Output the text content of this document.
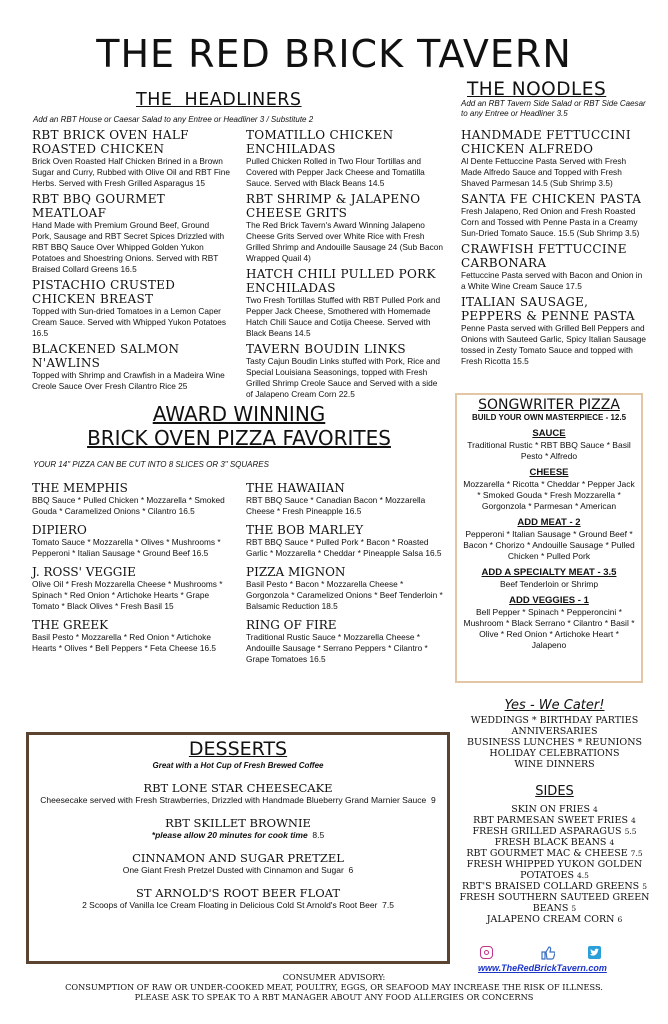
THE RED BRICK TAVERN
THE  HEADLINERS
Add an RBT House or Caesar Salad to any Entree or Headliner 3 / Substitute 2
RBT BRICK OVEN HALF ROASTED CHICKEN
Brick Oven Roasted Half Chicken Brined in a Brown Sugar and Curry, Rubbed with Olive Oil and RBT Fine Herbs. Served with Fresh Grilled Asparagus 15
RBT BBQ GOURMET MEATLOAF
Hand Made with Premium Ground Beef, Ground Pork, Sausage and RBT Secret Spices Drizzled with RBT BBQ Sauce Over Whipped Golden Yukon Potatoes and Shoestring Onions. Served with RBT Braised Collard Greens 16.5
PISTACHIO CRUSTED CHICKEN BREAST
Topped with Sun-dried Tomatoes in a Lemon Caper Cream Sauce. Served with Whipped Yukon Potatoes 16.5
BLACKENED SALMON N'AWLINS
Topped with Shrimp and Crawfish in a Madeira Wine Creole Sauce Over Fresh Cilantro Rice 25
TOMATILLO CHICKEN ENCHILADAS
Pulled Chicken Rolled in Two Flour Tortillas and Covered with Pepper Jack Cheese and Tomatilla Sauce. Served with Black Beans 14.5
RBT SHRIMP & JALAPENO CHEESE GRITS
The Red Brick Tavern's Award Winning Jalapeno Cheese Grits Served over White Rice with Fresh Grilled Shrimp and Andouille Sausage 24 (Sub Bacon Wrapped Quail 4)
HATCH CHILI PULLED PORK ENCHILADAS
Two Fresh Tortillas Stuffed with RBT Pulled Pork and Pepper Jack Cheese, Smothered with Homemade Hatch Chili Sauce and Cotija Cheese. Served with Black Beans 14.5
TAVERN BOUDIN LINKS
Tasty Cajun Boudin Links stuffed with Pork, Rice and Special Louisiana Seasonings, topped with Fresh Grilled Shrimp Creole Sauce and Served with a side of Jalapeno Cream Corn 22.5
THE NOODLES
Add an RBT Tavern Side Salad or RBT Side Caesar to any Entree or Headliner 3.5
HANDMADE FETTUCCINI CHICKEN ALFREDO
Al Dente Fettuccine Pasta Served with Fresh Made Alfredo Sauce and Topped with Fresh Shaved Parmesan 14.5 (Sub Shrimp 3.5)
SANTA FE CHICKEN PASTA
Fresh Jalapeno, Red Onion and Fresh Roasted Corn and Tossed with Penne Pasta in a Creamy Sun-Dried Tomato Sauce. 15.5 (Sub Shrimp 3.5)
CRAWFISH FETTUCCINE CARBONARA
Fettuccine Pasta served with Bacon and Onion in a White Wine Cream Sauce 17.5
ITALIAN SAUSAGE, PEPPERS & PENNE PASTA
Penne Pasta served with Grilled Bell Peppers and Onions with Sauteed Garlic, Spicy Italian Sausage tossed in Zesty Tomato Sauce and topped with Fresh Ricotta 15.5
AWARD WINNING
BRICK OVEN PIZZA FAVORITES
YOUR 14" PIZZA CAN BE CUT INTO 8 SLICES OR 3" SQUARES
THE MEMPHIS
BBQ Sauce * Pulled Chicken * Mozzarella * Smoked Gouda * Caramelized Onions * Cilantro 16.5
DIPIERO
Tomato Sauce * Mozzarella * Olives * Mushrooms * Pepperoni * Italian Sausage * Ground Beef 16.5
J. ROSS' VEGGIE
Olive Oil * Fresh Mozzarella Cheese * Mushrooms * Spinach * Red Onion * Artichoke Hearts * Grape Tomato * Black Olives * Fresh Basil 15
THE GREEK
Basil Pesto * Mozzarella * Red Onion * Artichoke Hearts * Olives * Bell Peppers * Feta Cheese 16.5
THE HAWAIIAN
RBT BBQ Sauce * Canadian Bacon * Mozzarella Cheese * Fresh Pineapple 16.5
THE BOB MARLEY
RBT BBQ Sauce * Pulled Pork * Bacon * Roasted Garlic * Mozzarella * Cheddar * Pineapple Salsa 16.5
PIZZA MIGNON
Basil Pesto * Bacon * Mozzarella Cheese * Gorgonzola * Caramelized Onions * Beef Tenderloin * Balsamic Reduction 18.5
RING OF FIRE
Traditional Rustic Sauce * Mozzarella Cheese * Andouille Sausage * Serrano Peppers * Cilantro * Grape Tomatoes 16.5
SONGWRITER PIZZA
BUILD YOUR OWN MASTERPIECE - 12.5
SAUCE
Traditional Rustic * RBT BBQ Sauce * Basil Pesto * Alfredo
CHEESE
Mozzarella * Ricotta * Cheddar * Pepper Jack * Smoked Gouda * Fresh Mozzarella * Gorgonzola * Parmesan * American
ADD MEAT - 2
Pepperoni * Italian Sausage * Ground Beef * Bacon * Chorizo * Andouille Sausage * Pulled Chicken * Pulled Pork
ADD A SPECIALTY MEAT - 3.5
Beef Tenderloin or Shrimp
ADD VEGGIES - 1
Bell Pepper * Spinach * Pepperoncini * Mushroom * Black Serrano * Cilantro * Basil * Olive * Red Onion * Artichoke Heart * Jalapeno
DESSERTS
Great with a Hot Cup of Fresh Brewed Coffee
RBT LONE STAR CHEESECAKE
Cheesecake served with Fresh Strawberries, Drizzled with Handmade Blueberry Grand Marnier Sauce  9
RBT SKILLET BROWNIE
*please allow 20 minutes for cook time  8.5
CINNAMON AND SUGAR PRETZEL
One Giant Fresh Pretzel Dusted with Cinnamon and Sugar  6
ST ARNOLD'S ROOT BEER FLOAT
2 Scoops of Vanilla Ice Cream Floating in Delicious Cold St Arnold's Root Beer  7.5
Yes - We Cater!
WEDDINGS * BIRTHDAY PARTIES
ANNIVERSARIES
BUSINESS LUNCHES * REUNIONS
HOLIDAY CELEBRATIONS
WINE DINNERS
SIDES
SKIN ON FRIES 4
RBT PARMESAN SWEET FRIES 4
FRESH GRILLED ASPARAGUS 5.5
FRESH BLACK BEANS 4
RBT GOURMET MAC & CHEESE 7.5
FRESH WHIPPED YUKON GOLDEN POTATOES 4.5
RBT'S BRAISED COLLARD GREENS 5
FRESH SOUTHERN SAUTEED GREEN BEANS 5
JALAPENO CREAM CORN 6
www.TheRedBrickTavern.com
CONSUMER ADVISORY:
CONSUMPTION OF RAW OR UNDER-COOKED MEAT, POULTRY, EGGS, OR SEAFOOD MAY INCREASE THE RISK OF ILLNESS.
PLEASE ASK TO SPEAK TO A RBT MANAGER ABOUT ANY FOOD ALLERGIES OR CONCERNS
